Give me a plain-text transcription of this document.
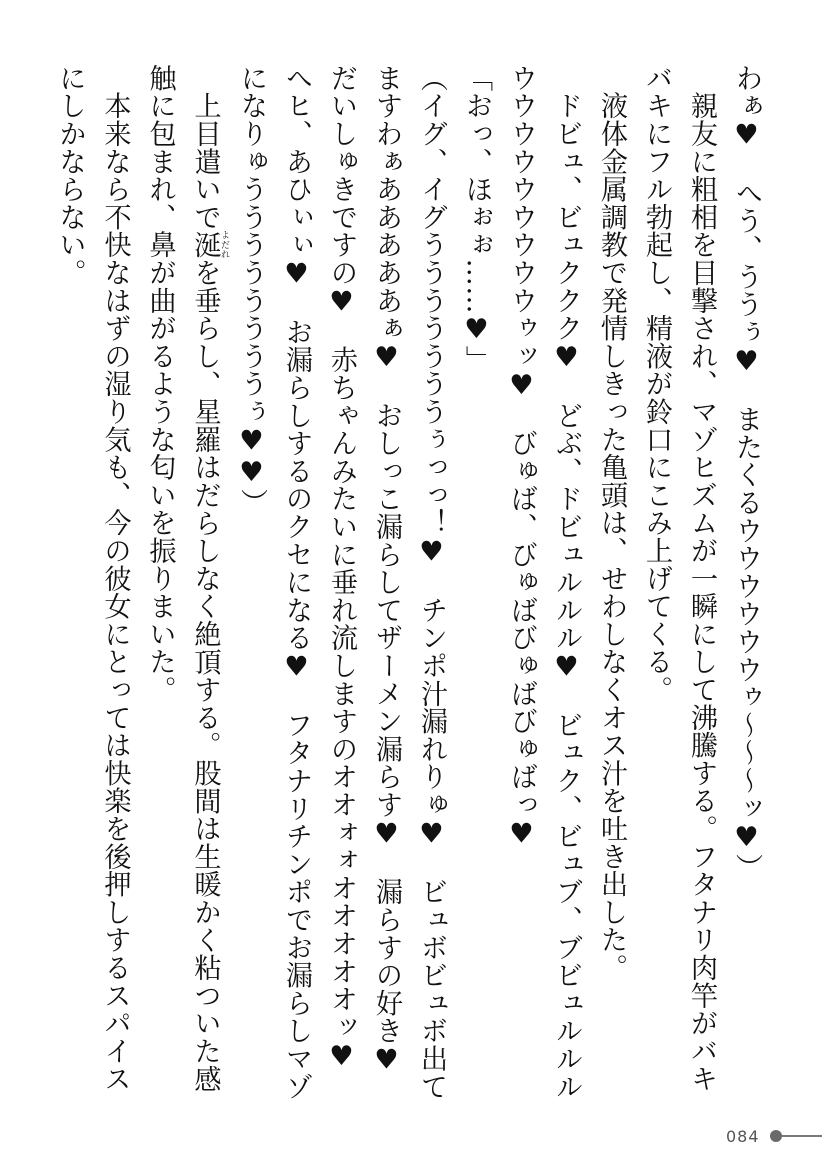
わぁ♥　へう、ううぅ♥　またくるウウウウウウゥ～～～ッ♥）

　親友に粗相を目撃され、マゾヒズムが一瞬にして沸騰する。フタナリ肉竿がバキバキにフル勃起し、精液が鈴口にこみ上げてくる。

　液体金属調教で発情しきった亀頭は、せわしなくオス汁を吐き出した。

　ドビュ、ビュククク♥　どぶ、ドビュルルル♥　ビュク、ビュブ、ブビュルルルウウウウウウウウウゥッ♥　びゅば、びゅばびゅばびゅばっ♥

「おっ、ほぉぉ……♥」

（イグ、イグうううううううぅっっ！♥　チンポ汁漏れりゅ♥　ビュボビュボ出てますわぁあああああぁ♥　おしっこ漏らしてザーメン漏らす♥　漏らすの好き♥　だいしゅきですの♥　赤ちゃんみたいに垂れ流しますのオオォォオオオオオッ♥　へヒ、あひぃぃ♥　お漏らしするのクセになる♥　フタナリチンポでお漏らしマゾになりゅううううううううぅ♥♥）

　上目遣いで涎よだれを垂らし、星羅はだらしなく絶頂する。股間は生暖かく粘ついた感触に包まれ、鼻が曲がるような匂いを振りまいた。

　本来なら不快なはずの湿り気も、今の彼女にとっては快楽を後押しするスパイスにしかならない。

084
